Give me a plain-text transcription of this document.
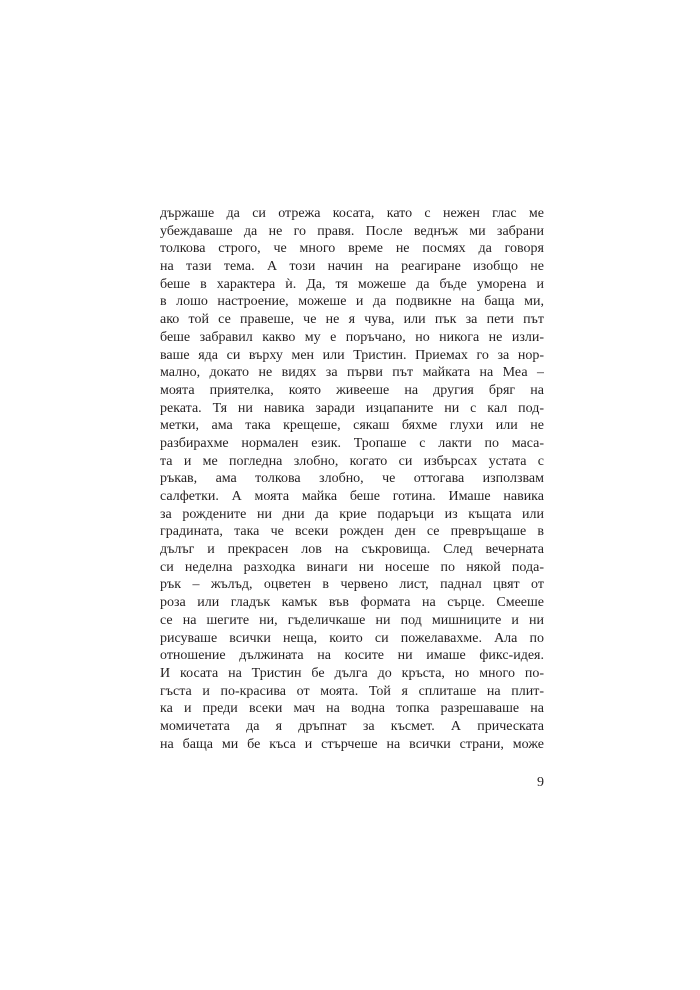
държаше да си отрежа косата, като с нежен глас ме
убеждаваше да не го правя. После веднъж ми забрани
толкова строго, че много време не посмях да говоря
на тази тема. А този начин на реагиране изобщо не
беше в характера ѝ. Да, тя можеше да бъде уморена и
в лошо настроение, можеше и да подвикне на баща ми,
ако той се правеше, че не я чува, или пък за пети път
беше забравил какво му е поръчано, но никога не изли-
ваше яда си върху мен или Тристин. Приемах го за нор-
мално, докато не видях за първи път майката на Меа –
моята приятелка, която живееше на другия бряг на
реката. Тя ни навика заради изцапаните ни с кал под-
метки, ама така крещеше, сякаш бяхме глухи или не
разбирахме нормален език. Тропаше с лакти по маса-
та и ме погледна злобно, когато си избърсах устата с
ръкав, ама толкова злобно, че оттогава използвам
салфетки. А моята майка беше готина. Имаше навика
за рождените ни дни да крие подаръци из къщата или
градината, така че всеки рожден ден се превръщаше в
дълъг и прекрасен лов на съкровища. След вечерната
си неделна разходка винаги ни носеше по някой пода-
рък – жълъд, оцветен в червено лист, паднал цвят от
роза или гладък камък във формата на сърце. Смееше
се на шегите ни, гъделичкаше ни под мишниците и ни
рисуваше всички неща, които си пожелавахме. Ала по
отношение дължината на косите ни имаше фикс-идея.
И косата на Тристин бе дълга до кръста, но много по-
гъста и по-красива от моята. Той я сплиташе на плит-
ка и преди всеки мач на водна топка разрешаваше на
момичетата да я дръпнат за късмет. А прическата
на баща ми бе къса и стърчеше на всички страни, може
9
